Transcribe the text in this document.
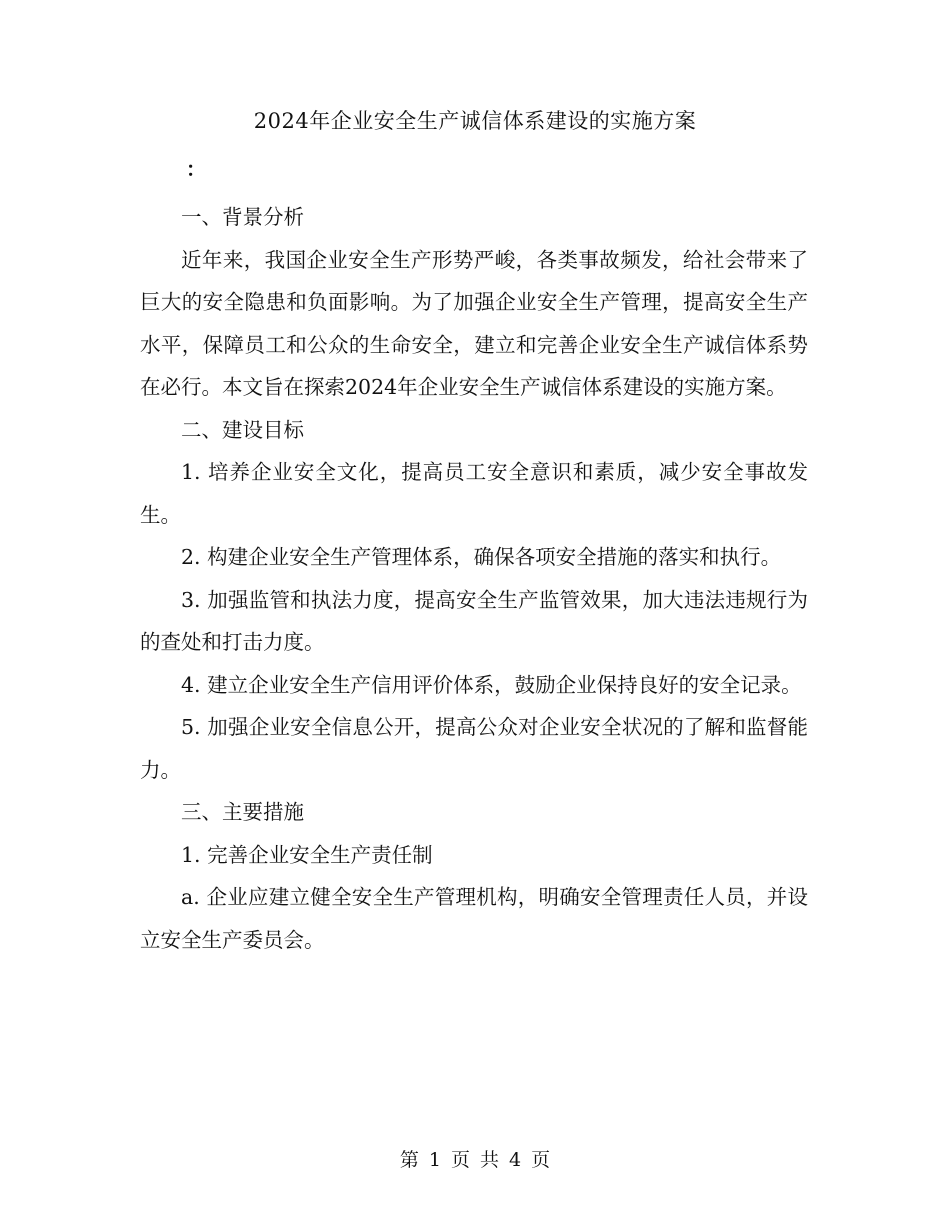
2024年企业安全生产诚信体系建设的实施方案
：

一、背景分析

近年来，我国企业安全生产形势严峻，各类事故频发，给社会带来了巨大的安全隐患和负面影响。为了加强企业安全生产管理，提高安全生产水平，保障员工和公众的生命安全，建立和完善企业安全生产诚信体系势在必行。本文旨在探索2024年企业安全生产诚信体系建设的实施方案。

二、建设目标

1. 培养企业安全文化，提高员工安全意识和素质，减少安全事故发生。

2. 构建企业安全生产管理体系，确保各项安全措施的落实和执行。

3. 加强监管和执法力度，提高安全生产监管效果，加大违法违规行为的查处和打击力度。

4. 建立企业安全生产信用评价体系，鼓励企业保持良好的安全记录。

5. 加强企业安全信息公开，提高公众对企业安全状况的了解和监督能力。

三、主要措施

1. 完善企业安全生产责任制

a. 企业应建立健全安全生产管理机构，明确安全管理责任人员，并设立安全生产委员会。

第 1 页 共 4 页
